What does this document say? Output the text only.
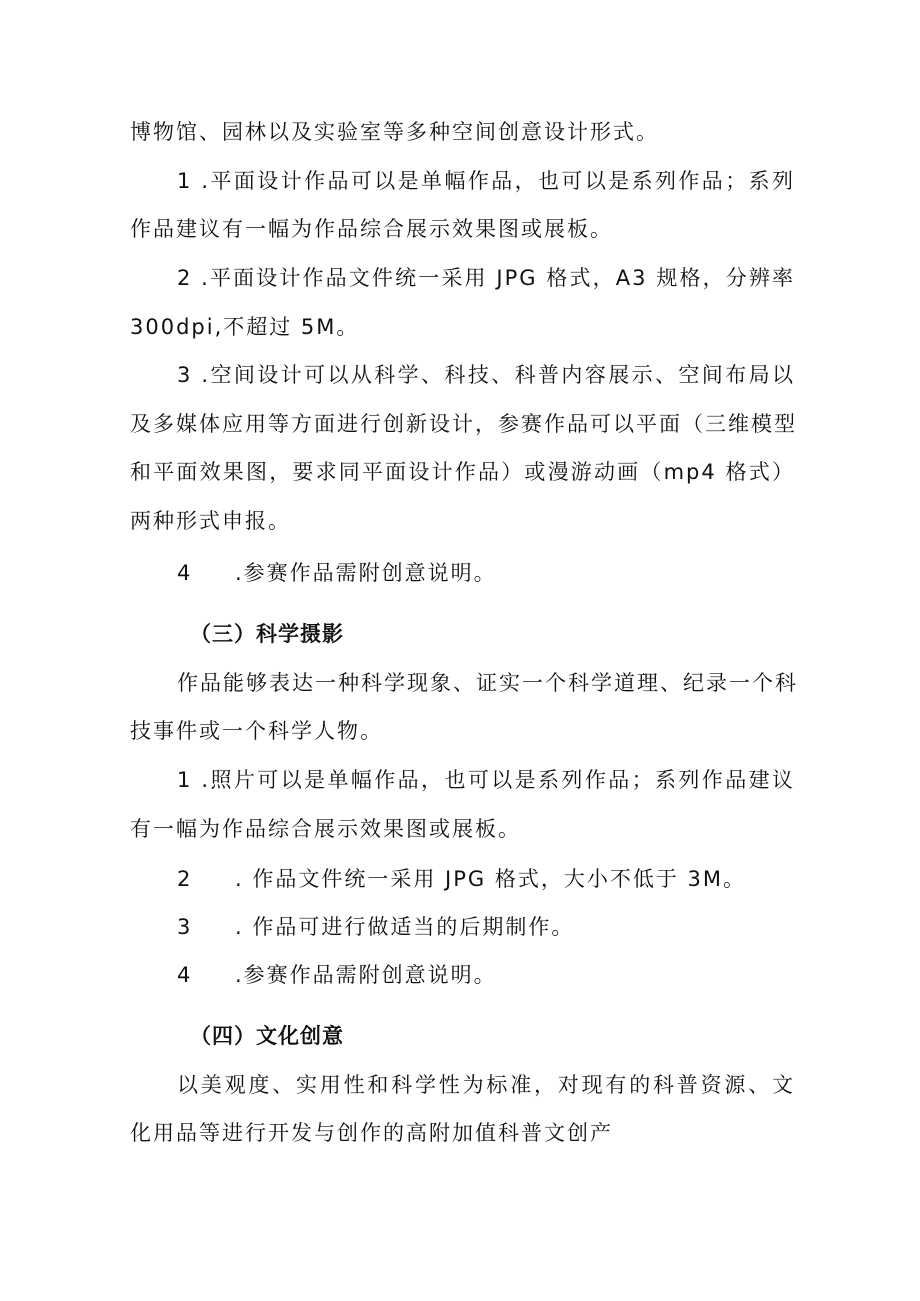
博物馆、园林以及实验室等多种空间创意设计形式。
1 .平面设计作品可以是单幅作品，也可以是系列作品；系列
作品建议有一幅为作品综合展示效果图或展板。
2 .平面设计作品文件统一采用 JPG 格式，A3 规格，分辨率
300dpi,不超过 5M。
3 .空间设计可以从科学、科技、科普内容展示、空间布局以
及多媒体应用等方面进行创新设计，参赛作品可以平面（三维模型
和平面效果图，要求同平面设计作品）或漫游动画（mp4 格式）
两种形式申报。
4 .参赛作品需附创意说明。
（三）科学摄影
作品能够表达一种科学现象、证实一个科学道理、纪录一个科
技事件或一个科学人物。
1 .照片可以是单幅作品，也可以是系列作品；系列作品建议
有一幅为作品综合展示效果图或展板。
2 . 作品文件统一采用 JPG 格式，大小不低于 3M。
3 . 作品可进行做适当的后期制作。
4 .参赛作品需附创意说明。
（四）文化创意
以美观度、实用性和科学性为标准，对现有的科普资源、文
化用品等进行开发与创作的高附加值科普文创产
